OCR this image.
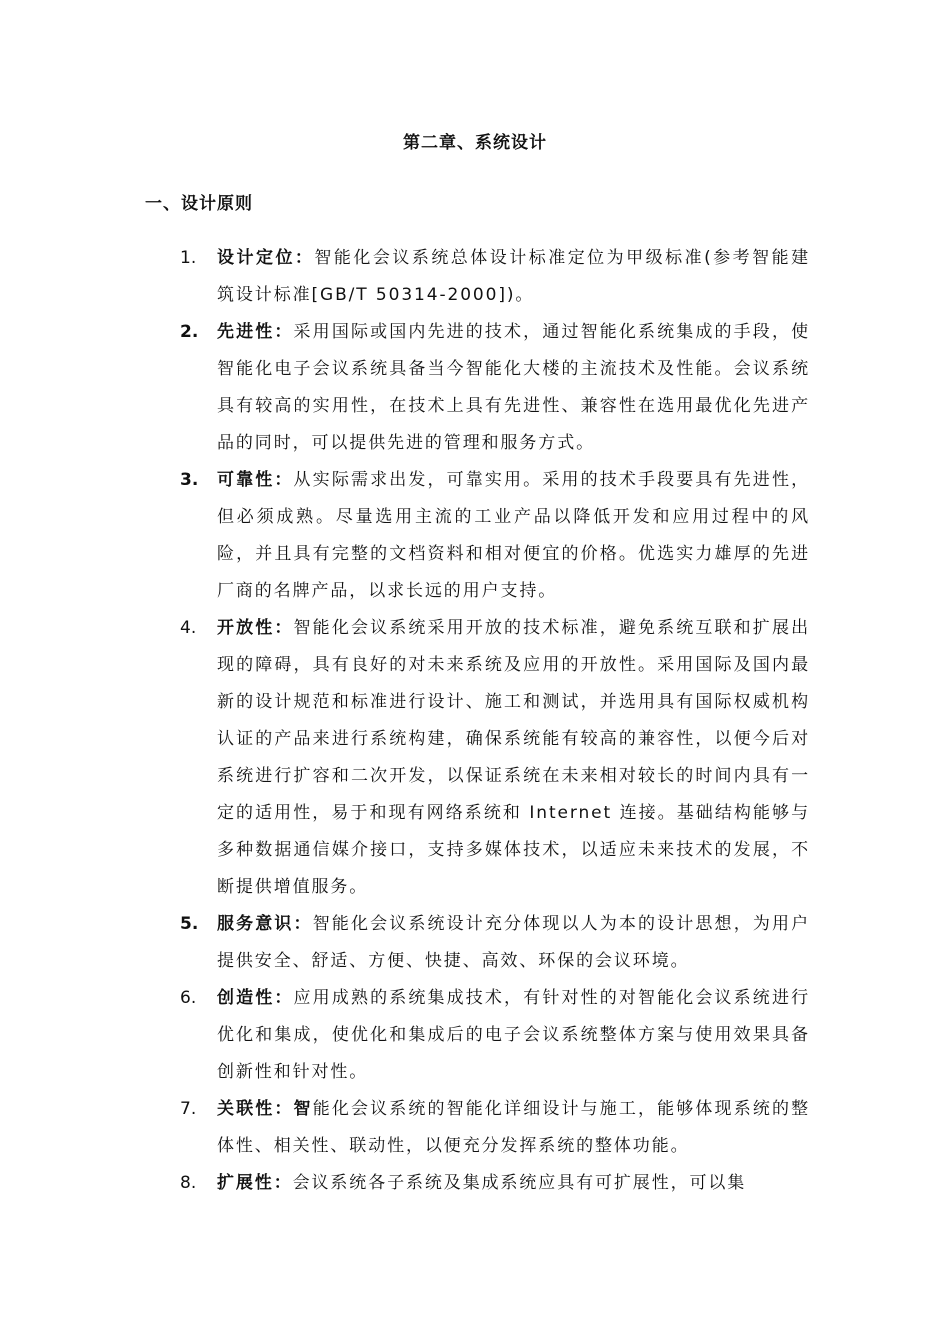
第二章、系统设计
一、设计原则
1.	设计定位：智能化会议系统总体设计标准定位为甲级标准(参考智能建筑设计标准[GB/T 50314-2000])。
2.	先进性：采用国际或国内先进的技术，通过智能化系统集成的手段，使智能化电子会议系统具备当今智能化大楼的主流技术及性能。会议系统具有较高的实用性，在技术上具有先进性、兼容性在选用最优化先进产品的同时，可以提供先进的管理和服务方式。
3.	可靠性：从实际需求出发，可靠实用。采用的技术手段要具有先进性，但必须成熟。尽量选用主流的工业产品以降低开发和应用过程中的风险，并且具有完整的文档资料和相对便宜的价格。优选实力雄厚的先进厂商的名牌产品，以求长远的用户支持。
4.	开放性：智能化会议系统采用开放的技术标准，避免系统互联和扩展出现的障碍，具有良好的对未来系统及应用的开放性。采用国际及国内最新的设计规范和标准进行设计、施工和测试，并选用具有国际权威机构认证的产品来进行系统构建，确保系统能有较高的兼容性，以便今后对系统进行扩容和二次开发，以保证系统在未来相对较长的时间内具有一定的适用性，易于和现有网络系统和 Internet 连接。基础结构能够与多种数据通信媒介接口，支持多媒体技术，以适应未来技术的发展，不断提供增值服务。
5.	服务意识：智能化会议系统设计充分体现以人为本的设计思想，为用户提供安全、舒适、方便、快捷、高效、环保的会议环境。
6.	创造性：应用成熟的系统集成技术，有针对性的对智能化会议系统进行优化和集成，使优化和集成后的电子会议系统整体方案与使用效果具备创新性和针对性。
7.	关联性：智能化会议系统的智能化详细设计与施工，能够体现系统的整体性、相关性、联动性，以便充分发挥系统的整体功能。
8.	扩展性：会议系统各子系统及集成系统应具有可扩展性，可以集
